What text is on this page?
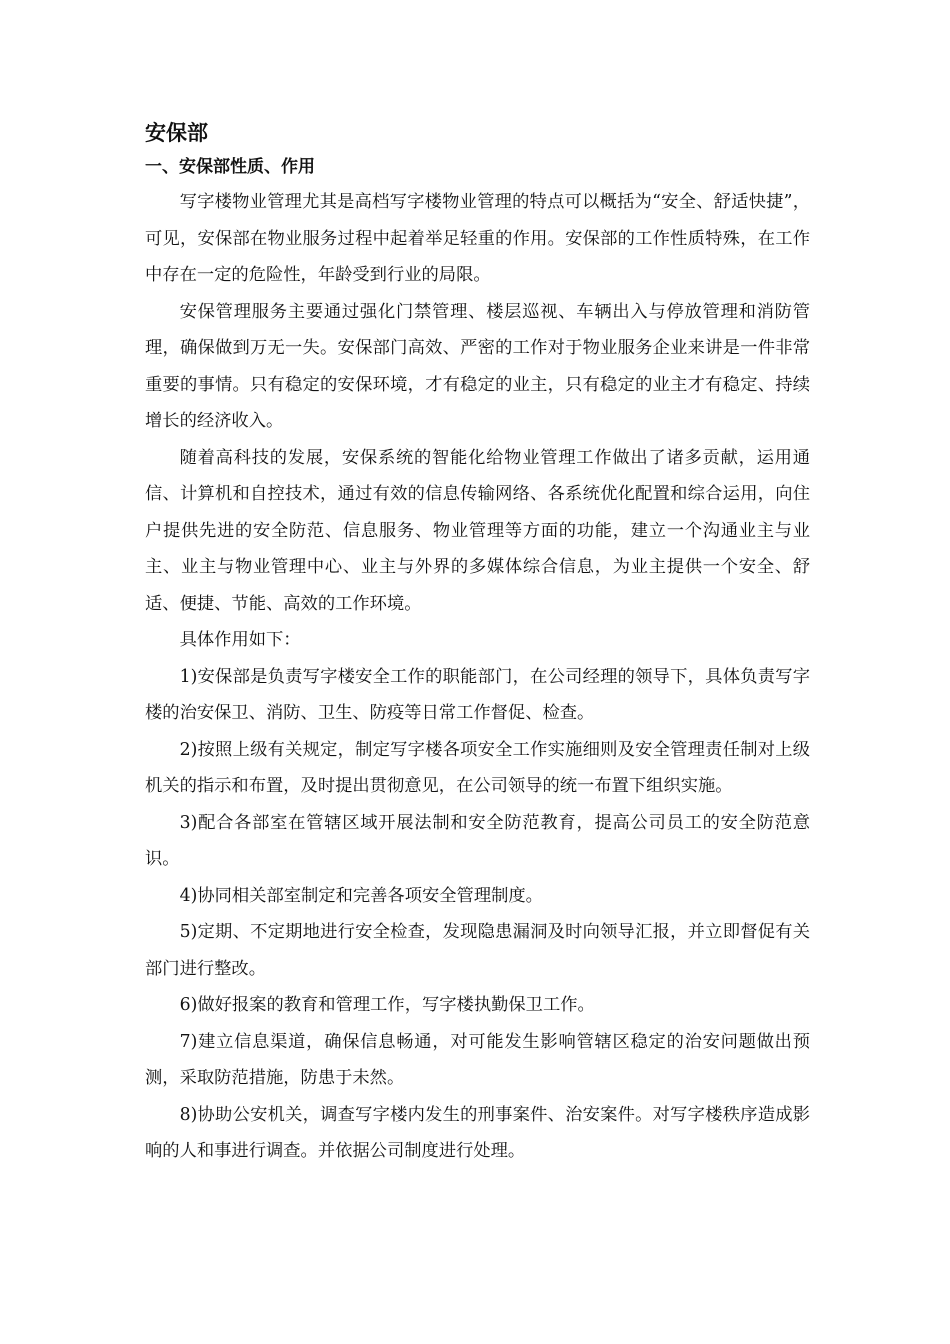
安保部
一、安保部性质、作用

写字楼物业管理尤其是高档写字楼物业管理的特点可以概括为“安全、舒适快捷”，可见，安保部在物业服务过程中起着举足轻重的作用。安保部的工作性质特殊，在工作中存在一定的危险性，年龄受到行业的局限。

安保管理服务主要通过强化门禁管理、楼层巡视、车辆出入与停放管理和消防管理，确保做到万无一失。安保部门高效、严密的工作对于物业服务企业来讲是一件非常重要的事情。只有稳定的安保环境，才有稳定的业主，只有稳定的业主才有稳定、持续增长的经济收入。

随着高科技的发展，安保系统的智能化给物业管理工作做出了诸多贡献，运用通信、计算机和自控技术，通过有效的信息传输网络、各系统优化配置和综合运用，向住户提供先进的安全防范、信息服务、物业管理等方面的功能，建立一个沟通业主与业主、业主与物业管理中心、业主与外界的多媒体综合信息，为业主提供一个安全、舒适、便捷、节能、高效的工作环境。

具体作用如下：

1)安保部是负责写字楼安全工作的职能部门，在公司经理的领导下，具体负责写字楼的治安保卫、消防、卫生、防疫等日常工作督促、检查。

2)按照上级有关规定，制定写字楼各项安全工作实施细则及安全管理责任制对上级机关的指示和布置，及时提出贯彻意见，在公司领导的统一布置下组织实施。

3)配合各部室在管辖区域开展法制和安全防范教育，提高公司员工的安全防范意识。

4)协同相关部室制定和完善各项安全管理制度。

5)定期、不定期地进行安全检查，发现隐患漏洞及时向领导汇报，并立即督促有关部门进行整改。

6)做好报案的教育和管理工作，写字楼执勤保卫工作。

7)建立信息渠道，确保信息畅通，对可能发生影响管辖区稳定的治安问题做出预测，采取防范措施，防患于未然。

8)协助公安机关，调查写字楼内发生的刑事案件、治安案件。对写字楼秩序造成影响的人和事进行调查。并依据公司制度进行处理。
